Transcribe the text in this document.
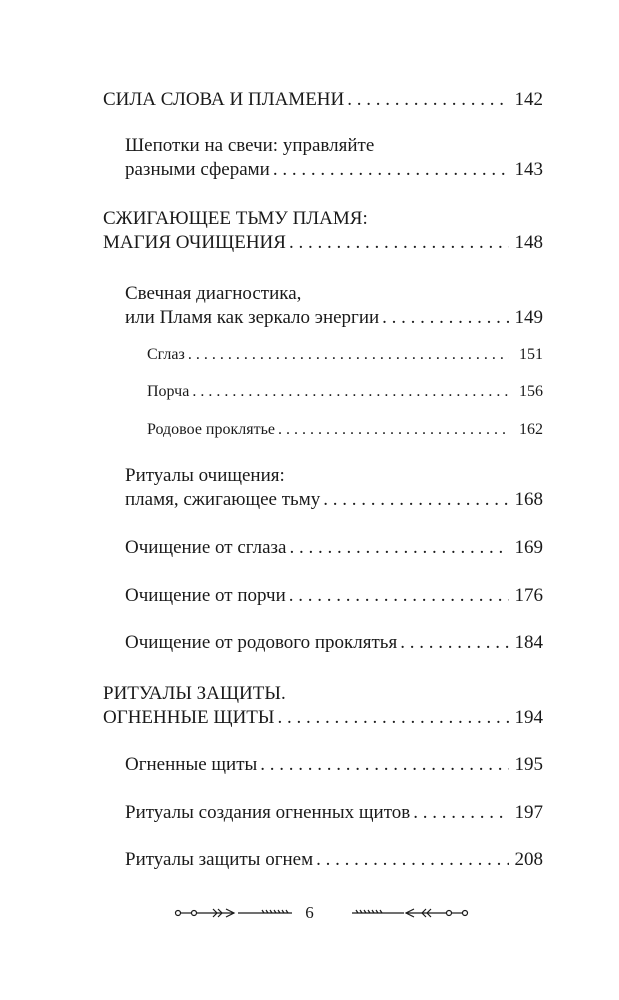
СИЛА СЛОВА И ПЛАМЕНИ . . .	142
Шепотки на свечи: управляйте
разными сферами . . .	143
СЖИГАЮЩЕЕ ТЬМУ ПЛАМЯ:
МАГИЯ ОЧИЩЕНИЯ . . .	148
Свечная диагностика,
или Пламя как зеркало энергии . . .	149
Сглаз . . .	151
Порча . . .	156
Родовое проклятье . . .	162
Ритуалы очищения:
пламя, сжигающее тьму . . .	168
Очищение от сглаза . . .	169
Очищение от порчи . . .	176
Очищение от родового проклятья . . .	184
РИТУАЛЫ ЗАЩИТЫ.
ОГНЕННЫЕ ЩИТЫ . . .	194
Огненные щиты . . .	195
Ритуалы создания огненных щитов . . .	197
Ритуалы защиты огнем . . .	208
6
